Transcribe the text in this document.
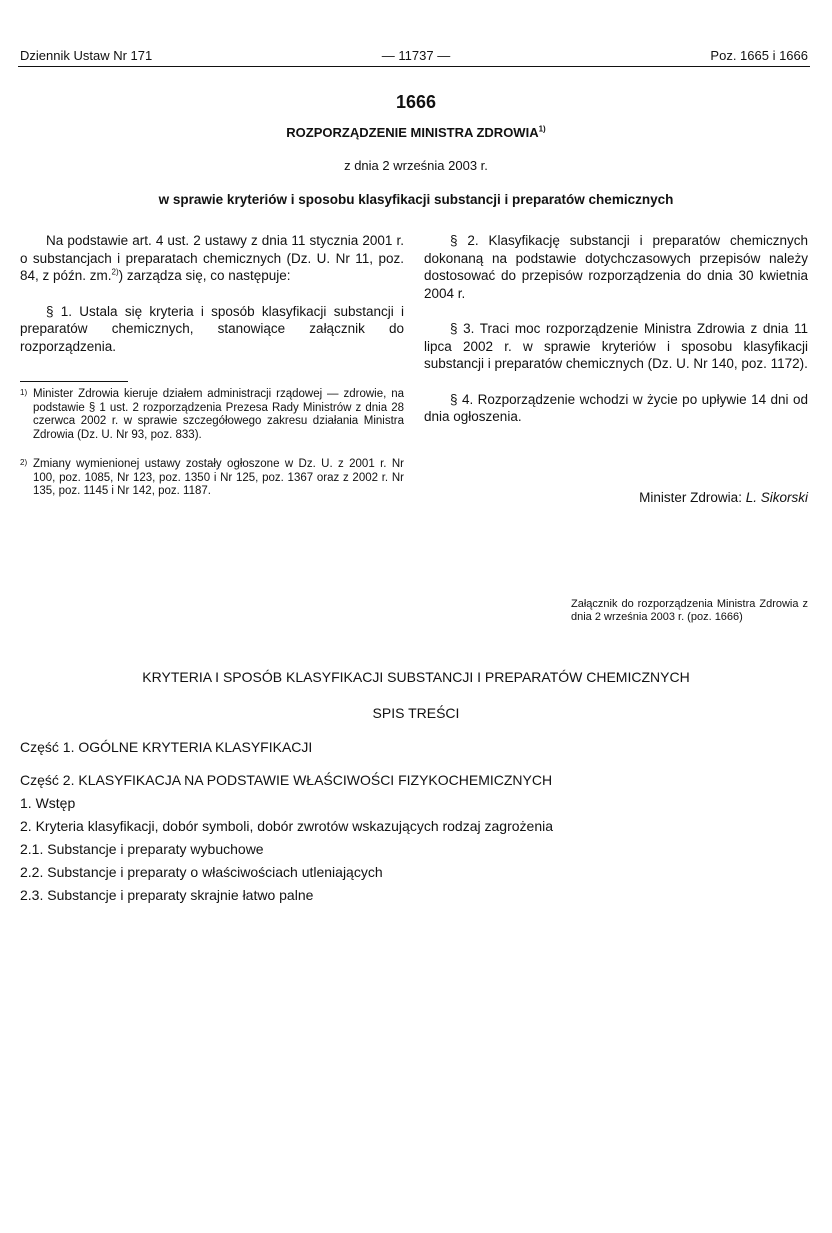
Dziennik Ustaw Nr 171	— 11737 —	Poz. 1665 i 1666
1666
ROZPORZĄDZENIE MINISTRA ZDROWIA$^{1)}$
z dnia 2 września 2003 r.
w sprawie kryteriów i sposobu klasyfikacji substancji i preparatów chemicznych

Na podstawie art. 4 ust. 2 ustawy z dnia 11 stycznia 2001 r. o substancjach i preparatach chemicznych (Dz. U. Nr 11, poz. 84, z późn. zm.$^{2)}$) zarządza się, co następuje:

§ 1. Ustala się kryteria i sposób klasyfikacji substancji i preparatów chemicznych, stanowiące załącznik do rozporządzenia.

1) Minister Zdrowia kieruje działem administracji rządowej — zdrowie, na podstawie § 1 ust. 2 rozporządzenia Prezesa Rady Ministrów z dnia 28 czerwca 2002 r. w sprawie szczegółowego zakresu działania Ministra Zdrowia (Dz. U. Nr 93, poz. 833).
2) Zmiany wymienionej ustawy zostały ogłoszone w Dz. U. z 2001 r. Nr 100, poz. 1085, Nr 123, poz. 1350 i Nr 125, poz. 1367 oraz z 2002 r. Nr 135, poz. 1145 i Nr 142, poz. 1187.

§ 2. Klasyfikację substancji i preparatów chemicznych dokonaną na podstawie dotychczasowych przepisów należy dostosować do przepisów rozporządzenia do dnia 30 kwietnia 2004 r.

§ 3. Traci moc rozporządzenie Ministra Zdrowia z dnia 11 lipca 2002 r. w sprawie kryteriów i sposobu klasyfikacji substancji i preparatów chemicznych (Dz. U. Nr 140, poz. 1172).

§ 4. Rozporządzenie wchodzi w życie po upływie 14 dni od dnia ogłoszenia.

Minister Zdrowia: L. Sikorski
Załącznik do rozporządzenia Ministra Zdrowia z dnia 2 września 2003 r. (poz. 1666)
KRYTERIA I SPOSÓB KLASYFIKACJI SUBSTANCJI I PREPARATÓW CHEMICZNYCH
SPIS TREŚCI
Część 1. OGÓLNE KRYTERIA KLASYFIKACJI
Część 2. KLASYFIKACJA NA PODSTAWIE WŁAŚCIWOŚCI FIZYKOCHEMICZNYCH
1. Wstęp
2. Kryteria klasyfikacji, dobór symboli, dobór zwrotów wskazujących rodzaj zagrożenia
2.1. Substancje i preparaty wybuchowe
2.2. Substancje i preparaty o właściwościach utleniających
2.3. Substancje i preparaty skrajnie łatwo palne
